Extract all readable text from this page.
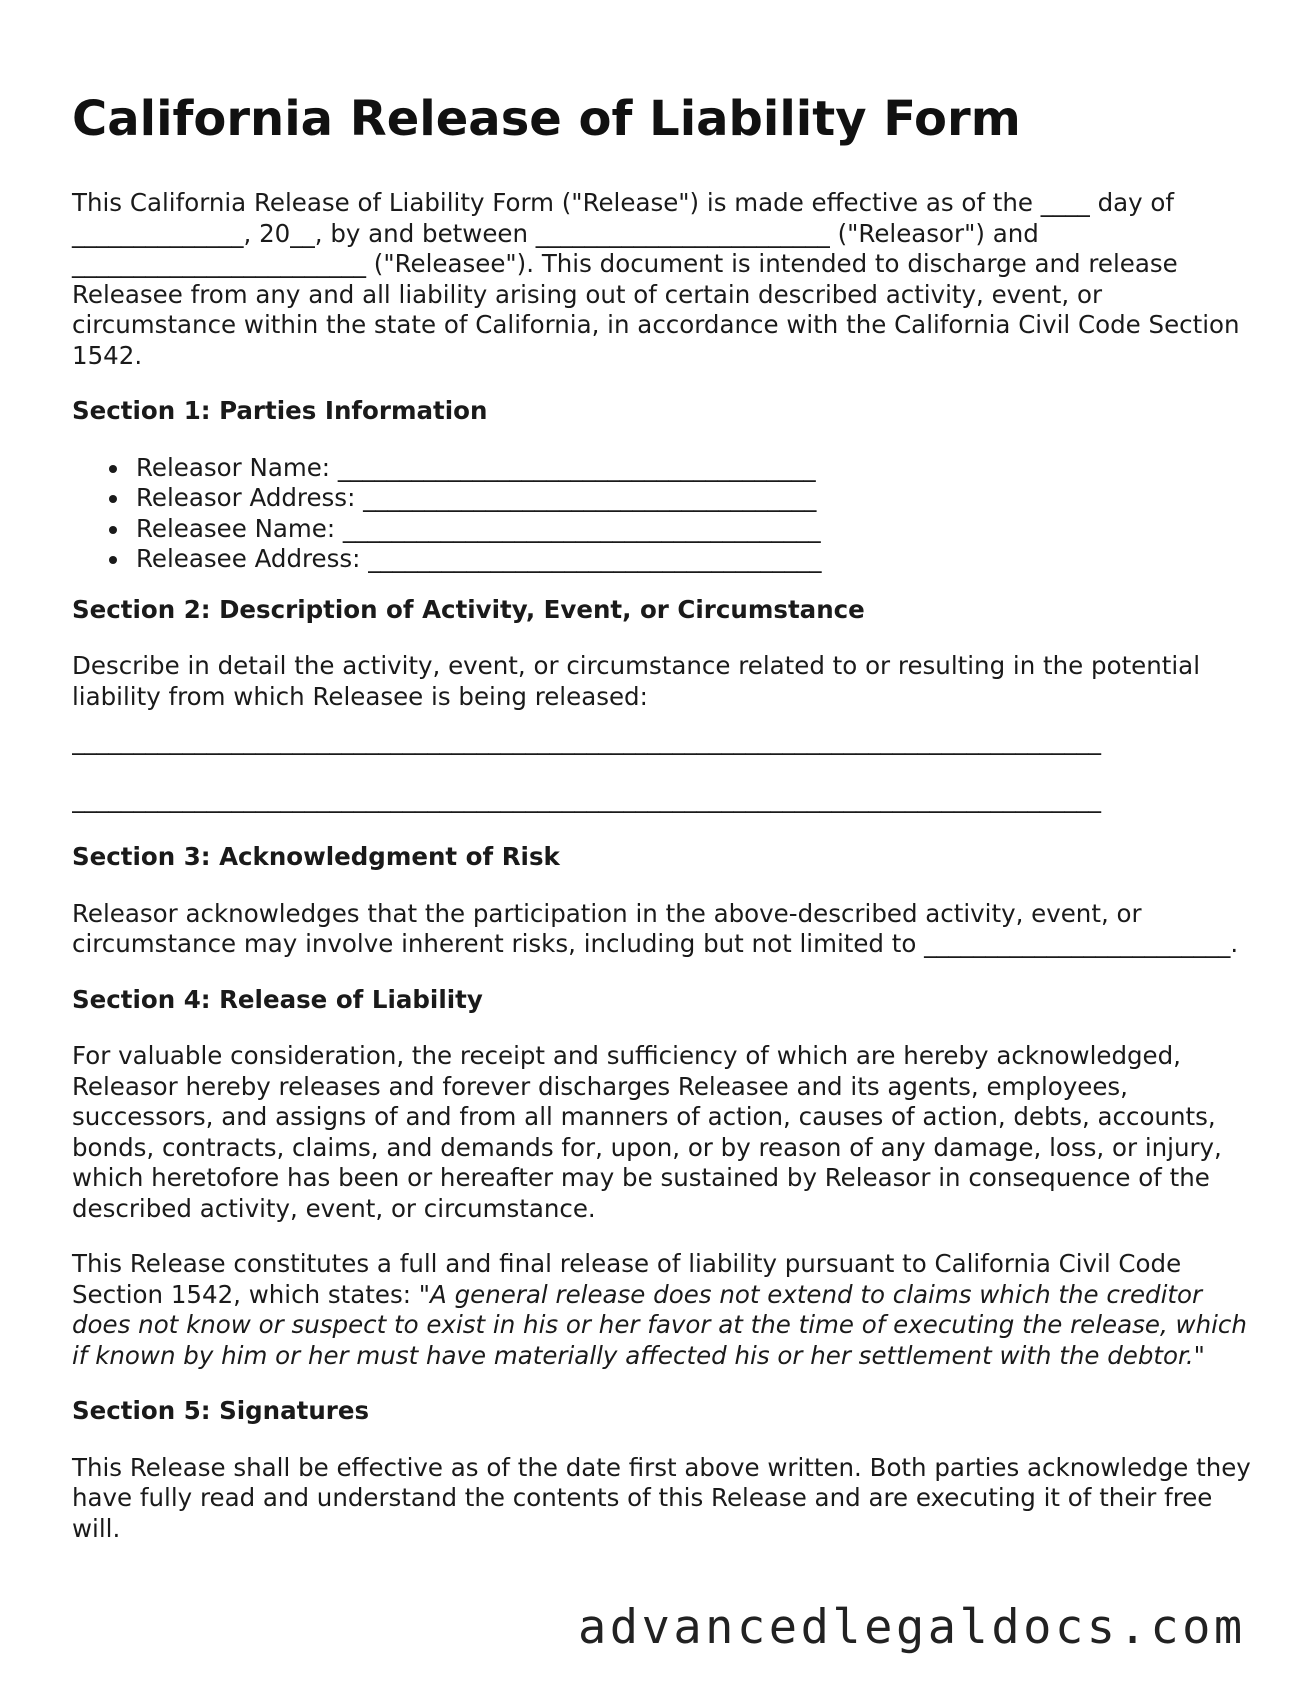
California Release of Liability Form

This California Release of Liability Form ("Release") is made effective as of the ____ day of ______________, 20__, by and between ________________________ ("Releasor") and ________________________ ("Releasee"). This document is intended to discharge and release Releasee from any and all liability arising out of certain described activity, event, or circumstance within the state of California, in accordance with the California Civil Code Section 1542.

Section 1: Parties Information
Releasor Name: _______________________________________
Releasor Address: _____________________________________
Releasee Name: _______________________________________
Releasee Address: _____________________________________
Section 2: Description of Activity, Event, or Circumstance

Describe in detail the activity, event, or circumstance related to or resulting in the potential liability from which Releasee is being released:

____________________________________________________________________________________
____________________________________________________________________________________
Section 3: Acknowledgment of Risk

Releasor acknowledges that the participation in the above-described activity, event, or circumstance may involve inherent risks, including but not limited to _________________________.

Section 4: Release of Liability

For valuable consideration, the receipt and sufficiency of which are hereby acknowledged, Releasor hereby releases and forever discharges Releasee and its agents, employees, successors, and assigns of and from all manners of action, causes of action, debts, accounts, bonds, contracts, claims, and demands for, upon, or by reason of any damage, loss, or injury, which heretofore has been or hereafter may be sustained by Releasor in consequence of the described activity, event, or circumstance.

This Release constitutes a full and final release of liability pursuant to California Civil Code Section 1542, which states: "A general release does not extend to claims which the creditor does not know or suspect to exist in his or her favor at the time of executing the release, which if known by him or her must have materially affected his or her settlement with the debtor."

Section 5: Signatures

This Release shall be effective as of the date first above written. Both parties acknowledge they have fully read and understand the contents of this Release and are executing it of their free will.

advancedlegaldocs.com
